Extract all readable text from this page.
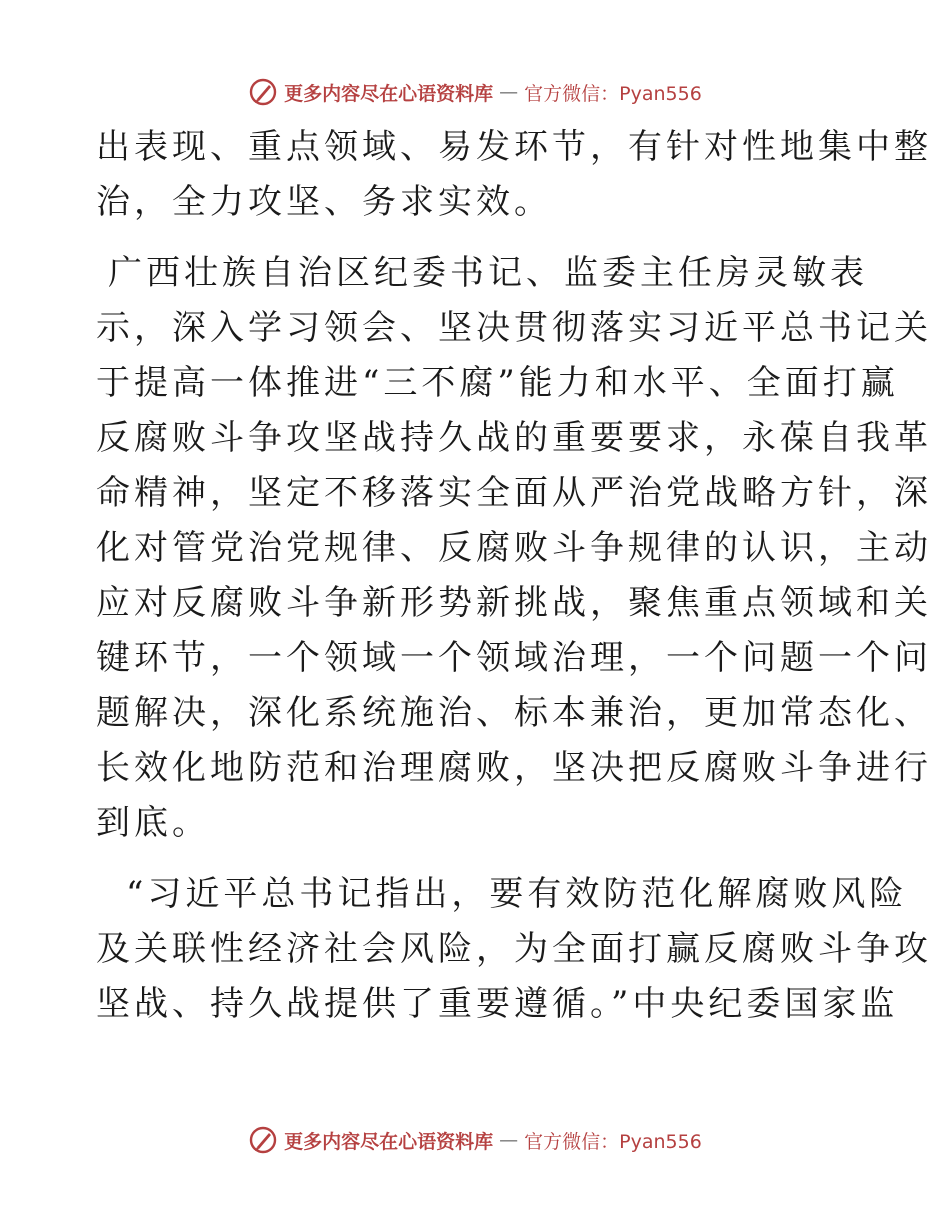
更多内容尽在心语资料库 — 官方微信：Pyan556

出表现、重点领域、易发环节，有针对性地集中整
治，全力攻坚、务求实效。

广西壮族自治区纪委书记、监委主任房灵敏表
示，深入学习领会、坚决贯彻落实习近平总书记关
于提高一体推进“三不腐”能力和水平、全面打赢
反腐败斗争攻坚战持久战的重要要求，永葆自我革
命精神，坚定不移落实全面从严治党战略方针，深
化对管党治党规律、反腐败斗争规律的认识，主动
应对反腐败斗争新形势新挑战，聚焦重点领域和关
键环节，一个领域一个领域治理，一个问题一个问
题解决，深化系统施治、标本兼治，更加常态化、
长效化地防范和治理腐败，坚决把反腐败斗争进行
到底。

“习近平总书记指出，要有效防范化解腐败风险
及关联性经济社会风险，为全面打赢反腐败斗争攻
坚战、持久战提供了重要遵循。”中央纪委国家监

更多内容尽在心语资料库 — 官方微信：Pyan556
